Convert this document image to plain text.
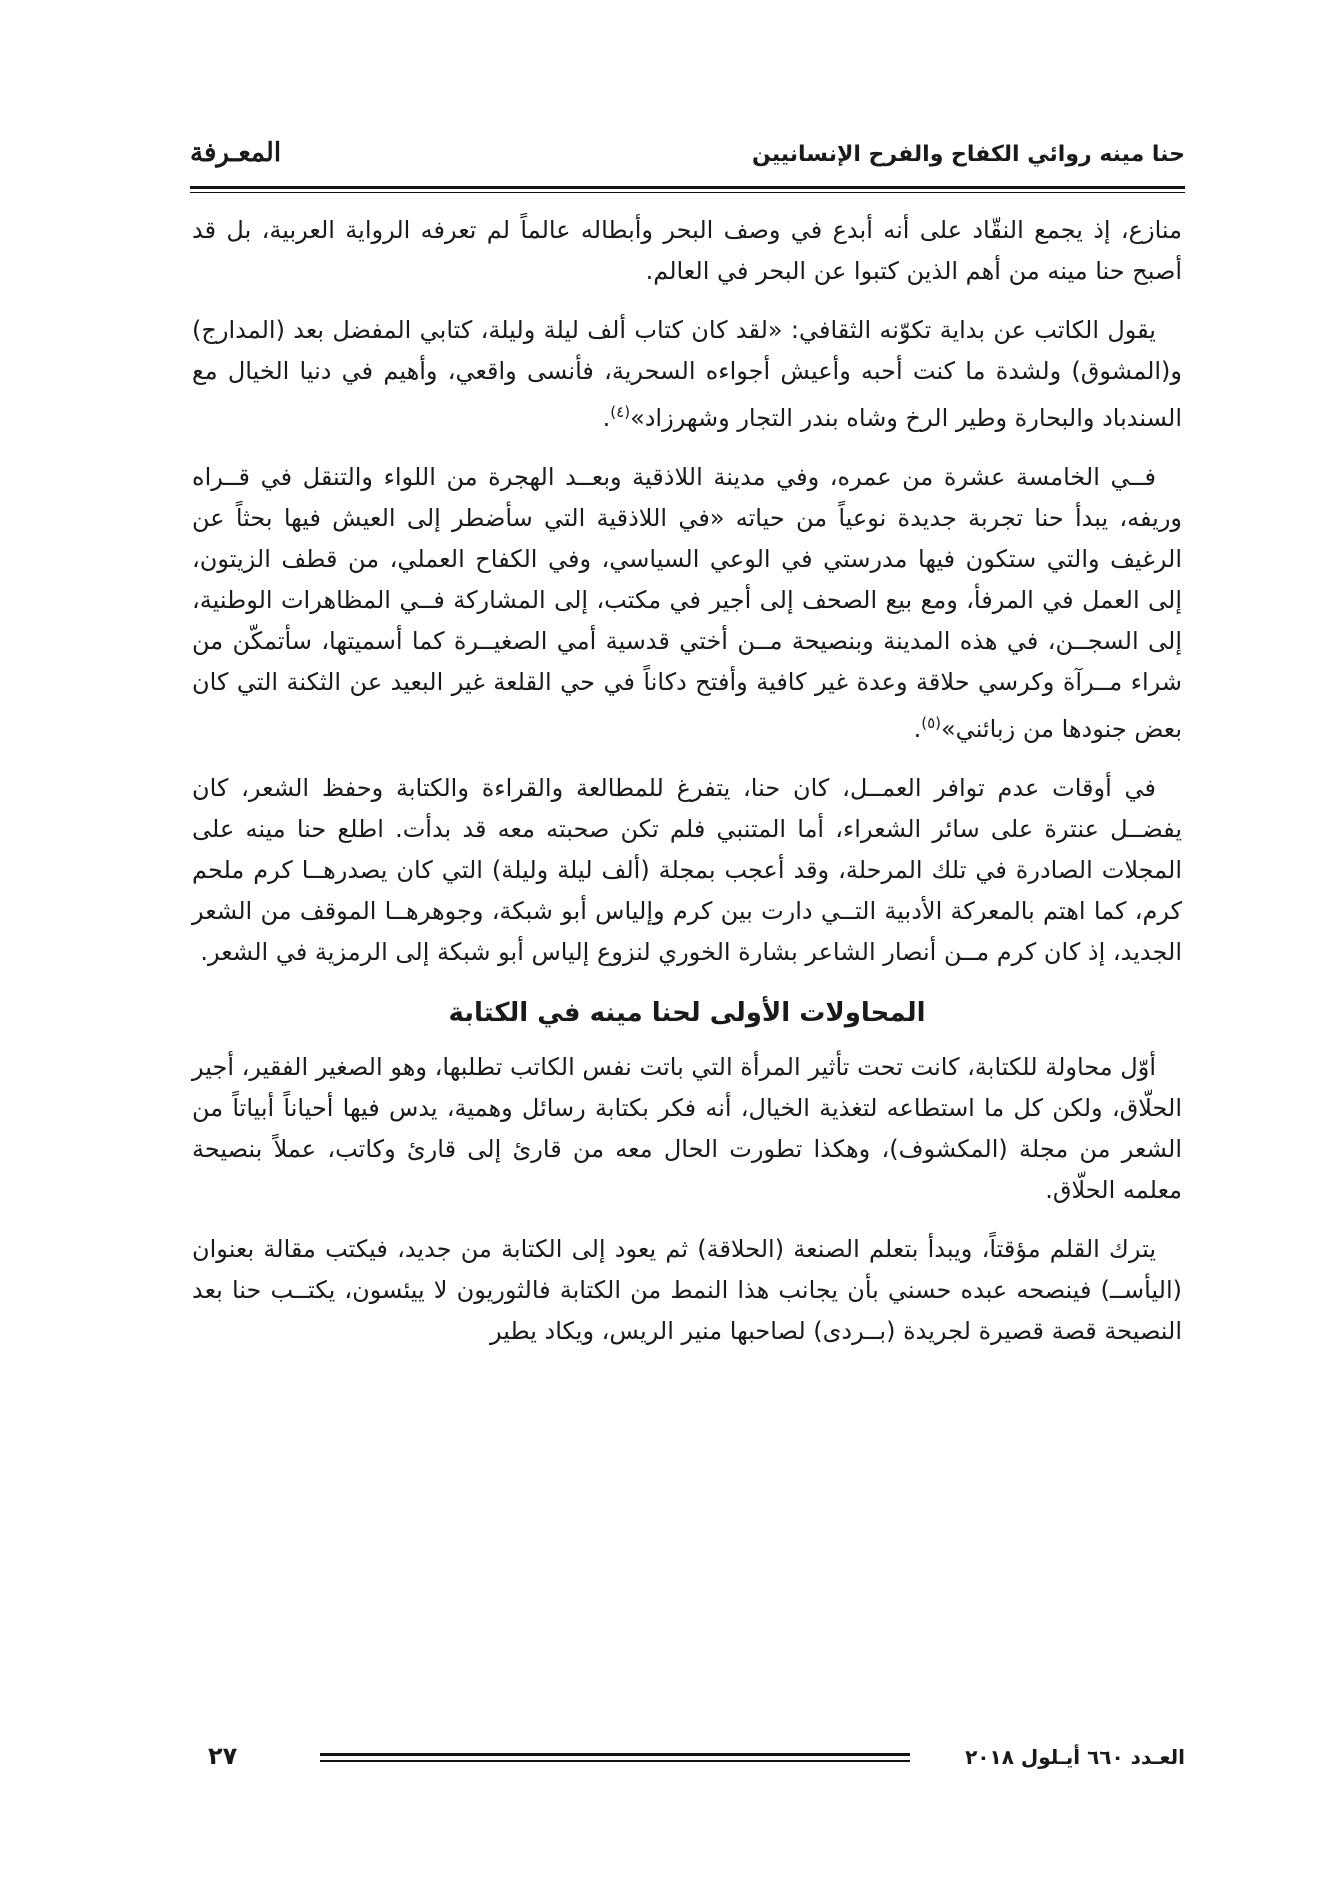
حنا مينه روائي الكفاح والفرح الإنسانيين
المعـرفة

منازع، إذ يجمع النقّاد على أنه أبدع في وصف البحر وأبطاله عالماً لم تعرفه الرواية العربية، بل قد أصبح حنا مينه من أهم الذين كتبوا عن البحر في العالم.

يقول الكاتب عن بداية تكوّنه الثقافي: «لقد كان كتاب ألف ليلة وليلة، كتابي المفضل بعد (المدارج) و(المشوق) ولشدة ما كنت أحبه وأعيش أجواءه السحرية، فأنسى واقعي، وأهيم في دنيا الخيال مع السندباد والبحارة وطير الرخ وشاه بندر التجار وشهرزاد»$^{(٤)}$.

فــي الخامسة عشرة من عمره، وفي مدينة اللاذقية وبعــد الهجرة من اللواء والتنقل في قــراه وريفه، يبدأ حنا تجربة جديدة نوعياً من حياته «في اللاذقية التي سأضطر إلى العيش فيها بحثاً عن الرغيف والتي ستكون فيها مدرستي في الوعي السياسي، وفي الكفاح العملي، من قطف الزيتون، إلى العمل في المرفأ، ومع بيع الصحف إلى أجير في مكتب، إلى المشاركة فــي المظاهرات الوطنية، إلى السجــن، في هذه المدينة وبنصيحة مــن أختي قدسية أمي الصغيــرة كما أسميتها، سأتمكّن من شراء مــرآة وكرسي حلاقة وعدة غير كافية وأفتح دكاناً في حي القلعة غير البعيد عن الثكنة التي كان بعض جنودها من زبائني»$^{(٥)}$.

في أوقات عدم توافر العمــل، كان حنا، يتفرغ للمطالعة والقراءة والكتابة وحفظ الشعر، كان يفضــل عنترة على سائر الشعراء، أما المتنبي فلم تكن صحبته معه قد بدأت. اطلع حنا مينه على المجلات الصادرة في تلك المرحلة، وقد أعجب بمجلة (ألف ليلة وليلة) التي كان يصدرهــا كرم ملحم كرم، كما اهتم بالمعركة الأدبية التــي دارت بين كرم وإلياس أبو شبكة، وجوهرهــا الموقف من الشعر الجديد، إذ كان كرم مــن أنصار الشاعر بشارة الخوري لنزوع إلياس أبو شبكة إلى الرمزية في الشعر.

المحاولات الأولى لحنا مينه في الكتابة

أوّل محاولة للكتابة، كانت تحت تأثير المرأة التي باتت نفس الكاتب تطلبها، وهو الصغير الفقير، أجير الحلّاق، ولكن كل ما استطاعه لتغذية الخيال، أنه فكر بكتابة رسائل وهمية، يدس فيها أحياناً أبياتاً من الشعر من مجلة (المكشوف)، وهكذا تطورت الحال معه من قارئ إلى قارئ وكاتب، عملاً بنصيحة معلمه الحلّاق.

يترك القلم مؤقتاً، ويبدأ بتعلم الصنعة (الحلاقة) ثم يعود إلى الكتابة من جديد، فيكتب مقالة بعنوان (اليأســ) فينصحه عبده حسني بأن يجانب هذا النمط من الكتابة فالثوريون لا ييئسون، يكتــب حنا بعد النصيحة قصة قصيرة لجريدة (بــردى) لصاحبها منير الريس، ويكاد يطير

العـدد ٦٦٠ أيـلول ٢٠١٨
٢٧
